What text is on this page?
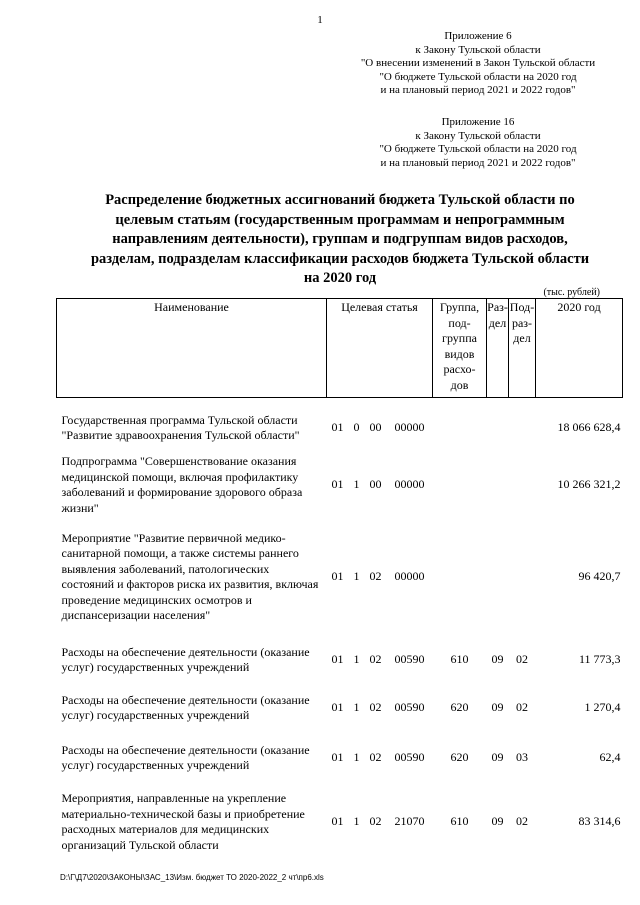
1
Приложение 6
к Закону Тульской области
"О внесении изменений в Закон Тульской области
"О бюджете Тульской области на 2020 год
и на плановый период 2021 и 2022 годов"
Приложение 16
к Закону Тульской области
"О бюджете Тульской области на 2020 год
и на плановый период 2021 и 2022 годов"
Распределение бюджетных ассигнований бюджета Тульской области по
целевым статьям (государственным программам и непрограммным
направлениям деятельности), группам и подгруппам видов расходов,
разделам, подразделам классификации расходов бюджета Тульской области
на 2020 год
(тыс. рублей)
Наименование	Целевая статья				Группа, под- группа видов расхо- дов	Раз- дел	Под- раз- дел	2020 год

Государственная программа Тульской области "Развитие здравоохранения Тульской области"	01	0	00	00000				18 066 628,4
Подпрограмма "Совершенствование оказания медицинской помощи, включая профилактику заболеваний и формирование здорового образа жизни"	01	1	00	00000				10 266 321,2
Мероприятие "Развитие первичной медико-санитарной помощи, а также системы раннего выявления заболеваний, патологических состояний и факторов риска их развития, включая проведение медицинских осмотров и диспансеризации населения"	01	1	02	00000				96 420,7
Расходы на обеспечение деятельности (оказание услуг) государственных учреждений	01	1	02	00590	610	09	02	11 773,3
Расходы на обеспечение деятельности (оказание услуг) государственных учреждений	01	1	02	00590	620	09	02	1 270,4
Расходы на обеспечение деятельности (оказание услуг) государственных учреждений	01	1	02	00590	620	09	03	62,4
Мероприятия, направленные на укрепление материально-технической базы и приобретение расходных материалов для медицинских организаций Тульской области	01	1	02	21070	610	09	02	83 314,6
D:\Г\Д7\2020\ЗАКОНЫ\ЗАС_13\Изм. бюджет ТО 2020-2022_2 чт\пр6.xls
